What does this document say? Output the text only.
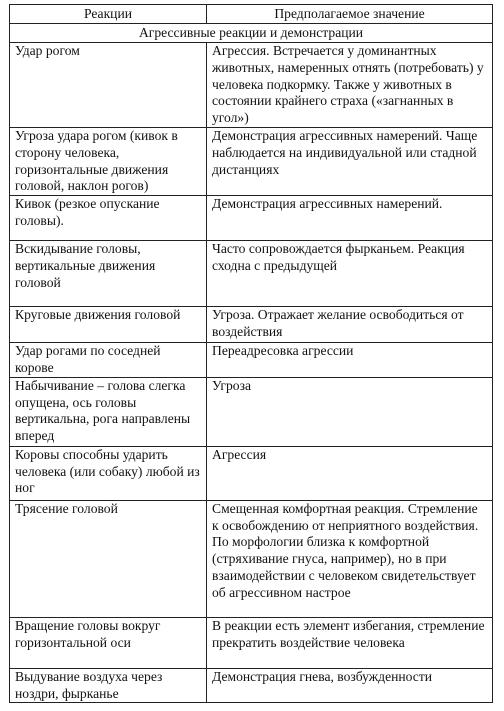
Реакции	Предполагаемое значение
Агрессивные реакции и демонстрации	
Удар рогом	Агрессия. Встречается у доминантных животных, намеренных отнять (потребовать) у человека подкормку. Также у животных в состоянии крайнего страха («загнанных в угол»)
Угроза удара рогом (кивок в сторону человека, горизонтальные движения головой, наклон рогов)	Демонстрация агрессивных намерений. Чаще наблюдается на индивидуальной или стадной дистанциях
Кивок (резкое опускание головы).	Демонстрация агрессивных намерений.
Вскидывание головы, вертикальные движения головой	Часто сопровождается фырканьем. Реакция сходна с предыдущей
Круговые движения головой	Угроза. Отражает желание освободиться от воздействия
Удар рогами по соседней корове	Переадресовка агрессии
Набычивание – голова слегка опущена, ось головы вертикальна, рога направлены вперед	Угроза
Коровы способны ударить человека (или собаку) любой из ног	Агрессия
Трясение головой	Смещенная комфортная реакция. Стремление к освобождению от неприятного воздействия. По морфологии близка к комфортной (стряхивание гнуса, например), но в при взаимодействии с человеком свидетельствует об агрессивном настрое
Вращение головы вокруг горизонтальной оси	В реакции есть элемент избегания, стремление прекратить воздействие человека
Выдувание воздуха через ноздри, фырканье	Демонстрация гнева, возбужденности
